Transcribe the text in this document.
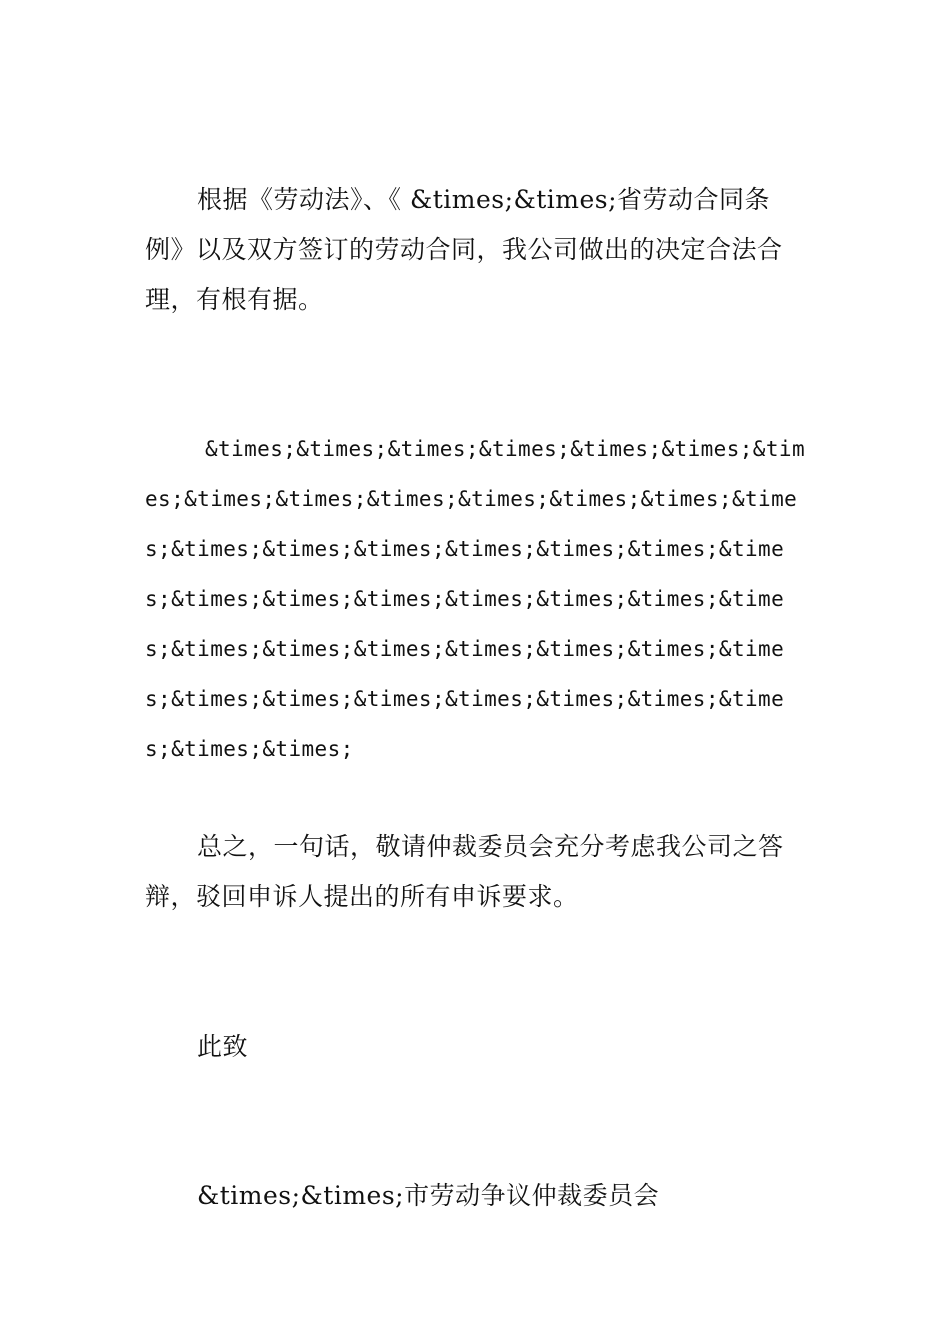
根据《劳动法》、《 &times;&times;省劳动合同条例》以及双方签订的劳动合同，我公司做出的决定合法合理，有根有据。

&times;&times;&times;&times;&times;&times;&times;&times;&times;&times;&times;&times;&times;&times;&times;&times;&times;&times;&times;&times;&times;&times;&times;&times;&times;&times;&times;&times;&times;&times;&times;&times;&times;&times;&times;&times;&times;&times;&times;&times;&times;&times;&times;&times;

总之，一句话，敬请仲裁委员会充分考虑我公司之答辩，驳回申诉人提出的所有申诉要求。

此致

&times;&times;市劳动争议仲裁委员会
